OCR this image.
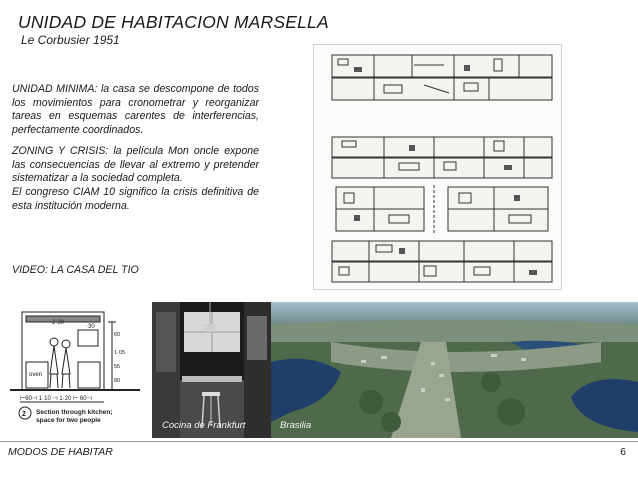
UNIDAD DE HABITACION MARSELLA
Le Corbusier 1951
UNIDAD MINIMA: la casa se descompone de todos los movimientos para cronometrar y reorganizar tareas en esquemas carentes de interferencias, perfectamente coordinados.
ZONING Y CRISIS: la película Mon oncle expone las consecuencias de llevar al extremo y pretender sistematizar a la sociedad completa.
El congreso CIAM 10 significo la crisis definitiva de esta institución moderna.
VIDEO: LA CASA DEL TIO
2·30
·30
60
1·05
55
80
oven
⊢60⊣ 1·10 ⊣ 1·20 ⊢ 60⊣
2 Section through kitchen;
space for two people	Cocina de Frankfurt	Brasilia
MODOS DE HABITAR	6
